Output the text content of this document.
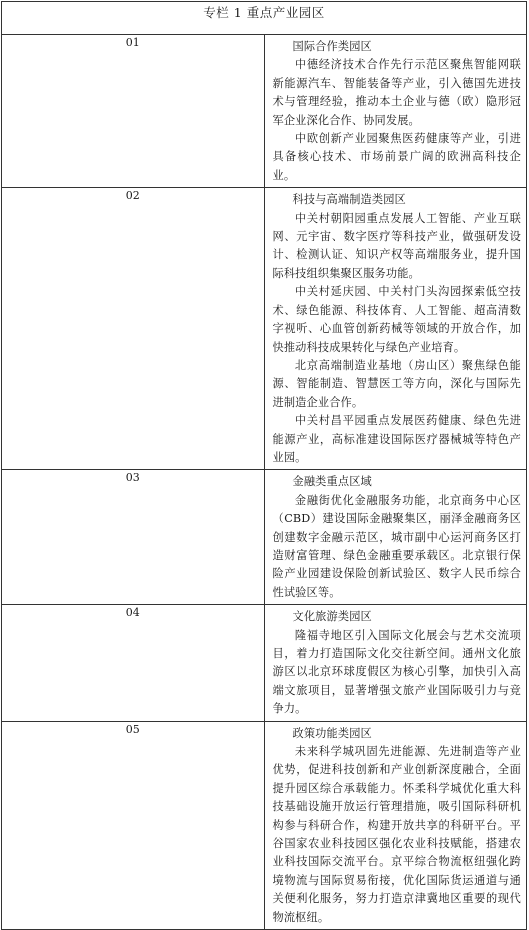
专栏 1 重点产业园区	
01	国际合作类园区

中德经济技术合作先行示范区聚焦智能网联新能源汽车、智能装备等产业，引入德国先进技术与管理经验，推动本土企业与德（欧）隐形冠军企业深化合作、协同发展。

中欧创新产业园聚焦医药健康等产业，引进具备核心技术、市场前景广阔的欧洲高科技企业。

02	科技与高端制造类园区

中关村朝阳园重点发展人工智能、产业互联网、元宇宙、数字医疗等科技产业，做强研发设计、检测认证、知识产权等高端服务业，提升国际科技组织集聚区服务功能。

中关村延庆园、中关村门头沟园探索低空技术、绿色能源、科技体育、人工智能、超高清数字视听、心血管创新药械等领域的开放合作，加快推动科技成果转化与绿色产业培育。

北京高端制造业基地（房山区）聚焦绿色能源、智能制造、智慧医工等方向，深化与国际先进制造企业合作。

中关村昌平园重点发展医药健康、绿色先进能源产业，高标准建设国际医疗器械城等特色产业园。

03	金融类重点区域

金融街优化金融服务功能，北京商务中心区（CBD）建设国际金融聚集区，丽泽金融商务区创建数字金融示范区，城市副中心运河商务区打造财富管理、绿色金融重要承载区。北京银行保险产业园建设保险创新试验区、数字人民币综合性试验区等。

04	文化旅游类园区

隆福寺地区引入国际文化展会与艺术交流项目，着力打造国际文化交往新空间。通州文化旅游区以北京环球度假区为核心引擎，加快引入高端文旅项目，显著增强文旅产业国际吸引力与竞争力。

05	政策功能类园区

未来科学城巩固先进能源、先进制造等产业优势，促进科技创新和产业创新深度融合，全面提升园区综合承载能力。怀柔科学城优化重大科技基础设施开放运行管理措施，吸引国际科研机构参与科研合作，构建开放共享的科研平台。平谷国家农业科技园区强化农业科技赋能，搭建农业科技国际交流平台。京平综合物流枢纽强化跨境物流与国际贸易衔接，优化国际货运通道与通关便利化服务，努力打造京津冀地区重要的现代物流枢纽。
